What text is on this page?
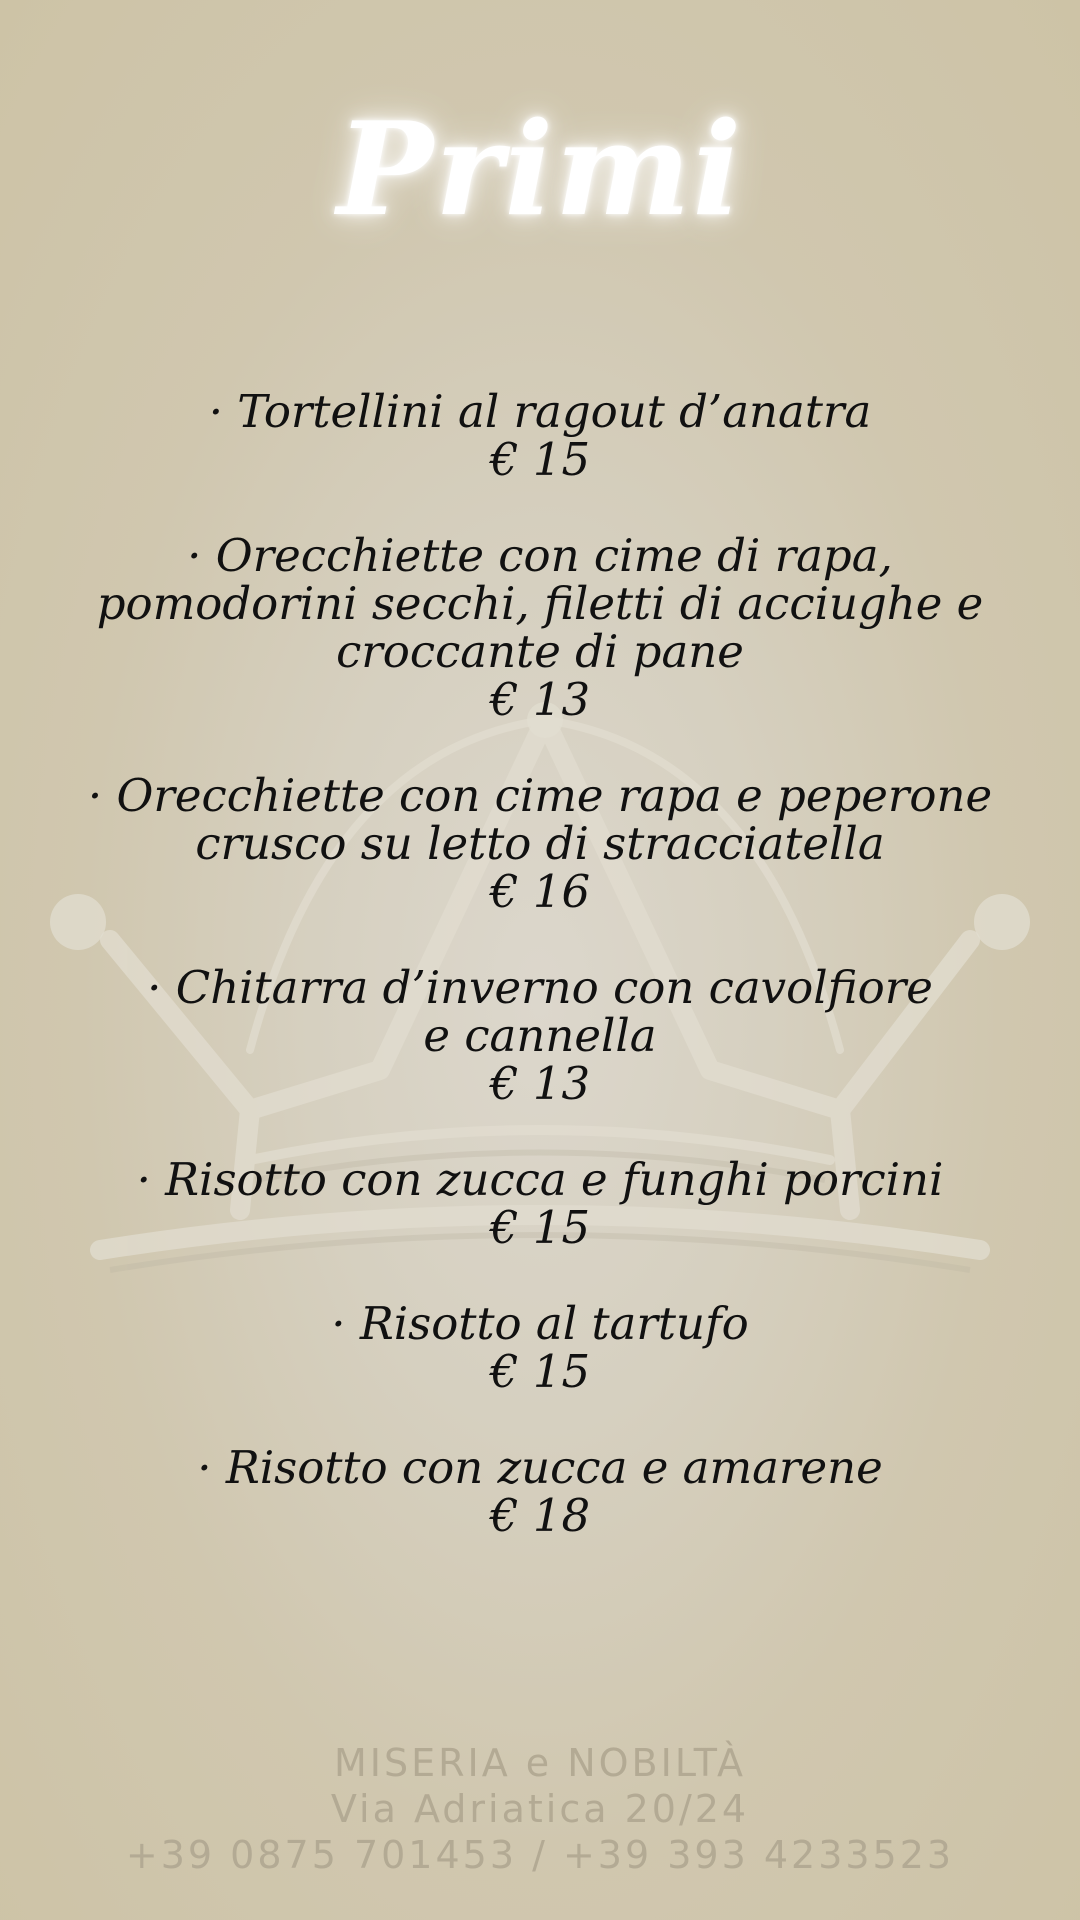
Primi
· Tortellini al ragout d’anatra
€ 15
· Orecchiette con cime di rapa,
pomodorini secchi, filetti di acciughe e
croccante di pane
€ 13
· Orecchiette con cime rapa e peperone
crusco su letto di stracciatella
€ 16
· Chitarra d’inverno con cavolfiore
e cannella
€ 13
· Risotto con zucca e funghi porcini
€ 15
· Risotto al tartufo
€ 15
· Risotto con zucca e amarene
€ 18
MISERIA e NOBILTÀ
Via Adriatica 20/24
+39 0875 701453 / +39 393 4233523
